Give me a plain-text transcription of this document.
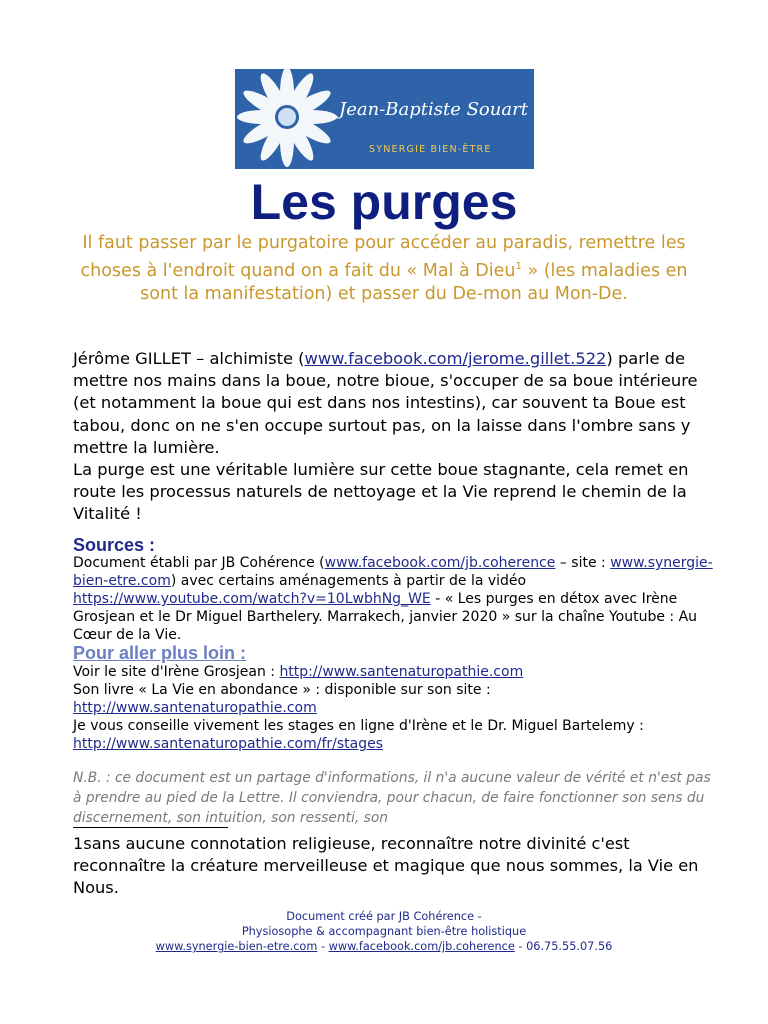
Jean-Baptiste Souart
SYNERGIE BIEN-ÊTRE
Les purges
Il faut passer par le purgatoire pour accéder au paradis, remettre les choses à l'endroit quand on a fait du « Mal à Dieu$^1$ » (les maladies en sont la manifestation) et passer du De-mon au Mon-De.
Jérôme GILLET – alchimiste (www.facebook.com/jerome.gillet.522) parle de mettre nos mains dans la boue, notre bioue, s'occuper de sa boue intérieure (et notamment la boue qui est dans nos intestins), car souvent ta Boue est tabou, donc on ne s'en occupe surtout pas, on la laisse dans l'ombre sans y mettre la lumière.
La purge est une véritable lumière sur cette boue stagnante, cela remet en route les processus naturels de nettoyage et la Vie reprend le chemin de la Vitalité !
Sources :
Document établi par JB Cohérence (www.facebook.com/jb.coherence – site : www.synergie-bien-etre.com) avec certains aménagements à partir de la vidéo https://www.youtube.com/watch?v=10LwbhNg_WE - « Les purges en détox avec Irène Grosjean et le Dr Miguel Barthelery. Marrakech, janvier 2020 » sur la chaîne Youtube : Au Cœur de la Vie.
Pour aller plus loin :
Voir le site d'Irène Grosjean : http://www.santenaturopathie.com
Son livre « La Vie en abondance » : disponible sur son site : http://www.santenaturopathie.com
Je vous conseille vivement les stages en ligne d'Irène et le Dr. Miguel Bartelemy : http://www.santenaturopathie.com/fr/stages
N.B. : ce document est un partage d'informations, il n'a aucune valeur de vérité et n'est pas à prendre au pied de la Lettre. Il conviendra, pour chacun, de faire fonctionner son sens du discernement, son intuition, son ressenti, son
1sans aucune connotation religieuse, reconnaître notre divinité c'est reconnaître la créature merveilleuse et magique que nous sommes, la Vie en Nous.
Document créé par JB Cohérence -
Physiosophe & accompagnant bien-être holistique
www.synergie-bien-etre.com - www.facebook.com/jb.coherence - 06.75.55.07.56
